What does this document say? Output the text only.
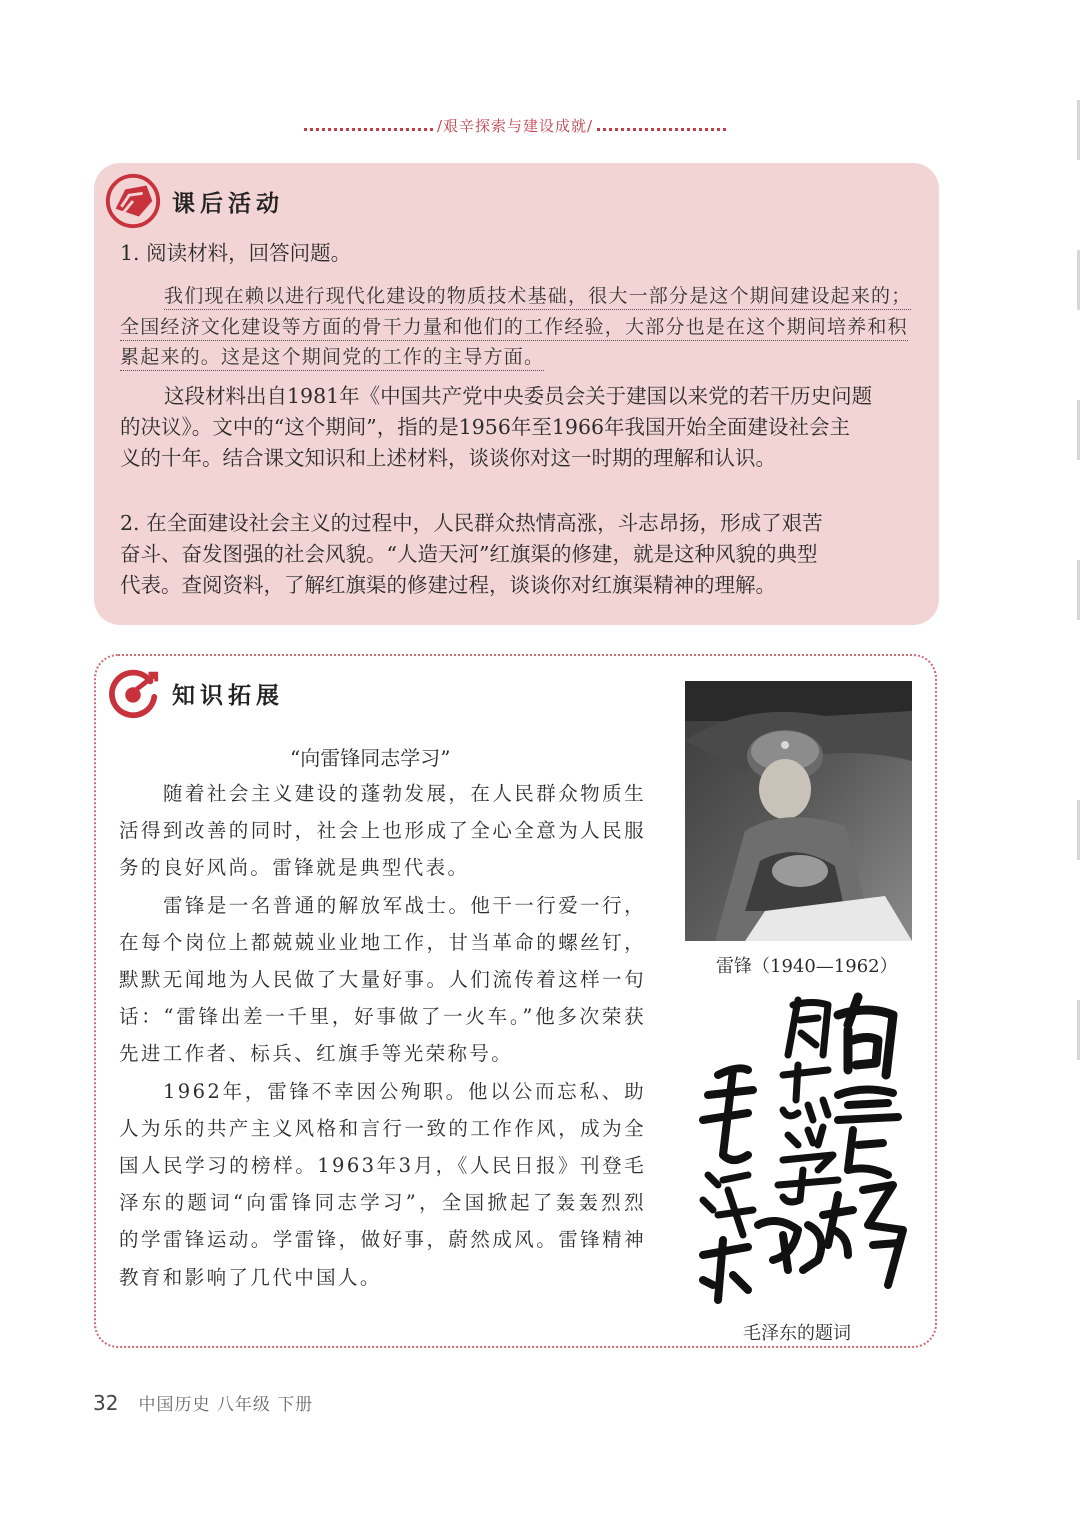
/艰辛探索与建设成就/
课后活动
1. 阅读材料，回答问题。
我们现在赖以进行现代化建设的物质技术基础，很大一部分是这个期间建设起来的；全国经济文化建设等方面的骨干力量和他们的工作经验，大部分也是在这个期间培养和积累起来的。这是这个期间党的工作的主导方面。
这段材料出自1981年《中国共产党中央委员会关于建国以来党的若干历史问题
的决议》。文中的“这个期间”，指的是1956年至1966年我国开始全面建设社会主
义的十年。结合课文知识和上述材料，谈谈你对这一时期的理解和认识。
2. 在全面建设社会主义的过程中，人民群众热情高涨，斗志昂扬，形成了艰苦
奋斗、奋发图强的社会风貌。“人造天河”红旗渠的修建，就是这种风貌的典型
代表。查阅资料，了解红旗渠的修建过程，谈谈你对红旗渠精神的理解。
知识拓展
“向雷锋同志学习”

随着社会主义建设的蓬勃发展，在人民群众物质生活得到改善的同时，社会上也形成了全心全意为人民服务的良好风尚。雷锋就是典型代表。

雷锋是一名普通的解放军战士。他干一行爱一行，在每个岗位上都兢兢业业地工作，甘当革命的螺丝钉，默默无闻地为人民做了大量好事。人们流传着这样一句话：“雷锋出差一千里，好事做了一火车。”他多次荣获先进工作者、标兵、红旗手等光荣称号。

1962年，雷锋不幸因公殉职。他以公而忘私、助人为乐的共产主义风格和言行一致的工作作风，成为全国人民学习的榜样。1963年3月，《人民日报》刊登毛泽东的题词“向雷锋同志学习”，全国掀起了轰轰烈烈的学雷锋运动。学雷锋，做好事，蔚然成风。雷锋精神教育和影响了几代中国人。

雷锋（1940—1962）
毛泽东的题词
32 中国历史 八年级 下册
